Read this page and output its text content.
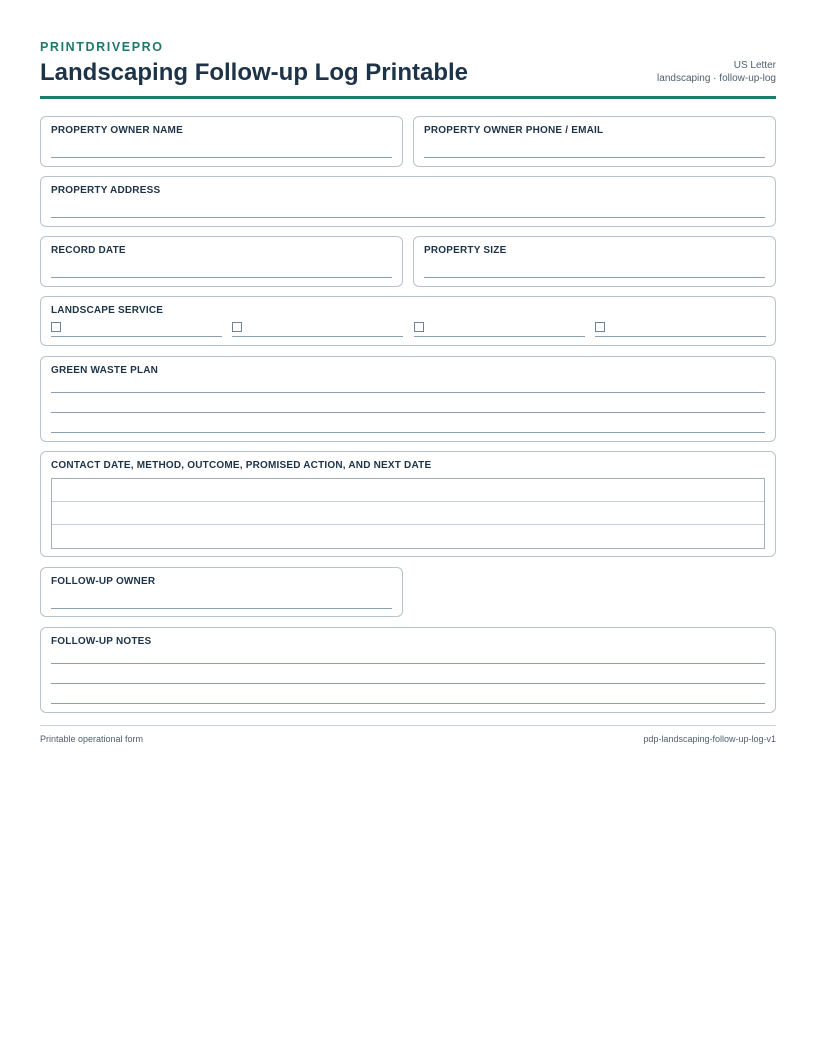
PRINTDRIVEPRO
Landscaping Follow-up Log Printable	US Letter
landscaping · follow-up-log
PROPERTY OWNER NAME	PROPERTY OWNER PHONE / EMAIL
PROPERTY ADDRESS
RECORD DATE	PROPERTY SIZE
LANDSCAPE SERVICE
GREEN WASTE PLAN
CONTACT DATE, METHOD, OUTCOME, PROMISED ACTION, AND NEXT DATE
FOLLOW-UP OWNER
FOLLOW-UP NOTES
Printable operational form	pdp-landscaping-follow-up-log-v1
